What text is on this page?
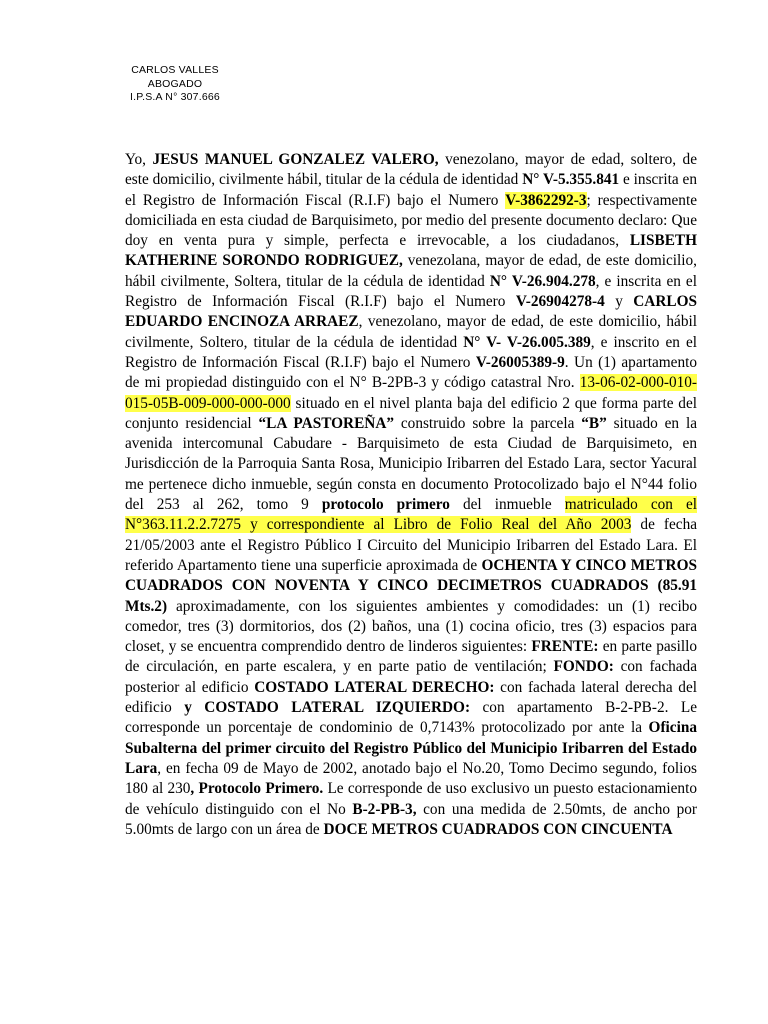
CARLOS VALLES
ABOGADO
I.P.S.A N° 307.666

Yo, JESUS MANUEL GONZALEZ VALERO, venezolano, mayor de edad, soltero, de este domicilio, civilmente hábil, titular de la cédula de identidad N° V-5.355.841 e inscrita en el Registro de Información Fiscal (R.I.F) bajo el Numero V-3862292-3; respectivamente domiciliada en esta ciudad de Barquisimeto, por medio del presente documento declaro: Que doy en venta pura y simple, perfecta e irrevocable, a los ciudadanos, LISBETH KATHERINE SORONDO RODRIGUEZ, venezolana, mayor de edad, de este domicilio, hábil civilmente, Soltera, titular de la cédula de identidad N° V-26.904.278, e inscrita en el Registro de Información Fiscal (R.I.F) bajo el Numero V-26904278-4 y CARLOS EDUARDO ENCINOZA ARRAEZ, venezolano, mayor de edad, de este domicilio, hábil civilmente, Soltero, titular de la cédula de identidad N° V- V-26.005.389, e inscrito en el Registro de Información Fiscal (R.I.F) bajo el Numero V-26005389-9. Un (1) apartamento de mi propiedad distinguido con el N° B-2PB-3 y código catastral Nro. 13-06-02-000-010-015-05B-009-000-000-000 situado en el nivel planta baja del edificio 2 que forma parte del conjunto residencial “LA PASTOREÑA” construido sobre la parcela “B” situado en la avenida intercomunal Cabudare - Barquisimeto de esta Ciudad de Barquisimeto, en Jurisdicción de la Parroquia Santa Rosa, Municipio Iribarren del Estado Lara, sector Yacural me pertenece dicho inmueble, según consta en documento Protocolizado bajo el N°44 folio del 253 al 262, tomo 9 protocolo primero del inmueble matriculado con el N°363.11.2.2.7275 y correspondiente al Libro de Folio Real del Año 2003 de fecha 21/05/2003 ante el Registro Público I Circuito del Municipio Iribarren del Estado Lara. El referido Apartamento tiene una superficie aproximada de OCHENTA Y CINCO METROS CUADRADOS CON NOVENTA Y CINCO DECIMETROS CUADRADOS (85.91 Mts.2) aproximadamente, con los siguientes ambientes y comodidades: un (1) recibo comedor, tres (3) dormitorios, dos (2) baños, una (1) cocina oficio, tres (3) espacios para closet, y se encuentra comprendido dentro de linderos siguientes: FRENTE: en parte pasillo de circulación, en parte escalera, y en parte patio de ventilación; FONDO: con fachada posterior al edificio COSTADO LATERAL DERECHO: con fachada lateral derecha del edificio y COSTADO LATERAL IZQUIERDO: con apartamento B-2-PB-2. Le corresponde un porcentaje de condominio de 0,7143% protocolizado por ante la Oficina Subalterna del primer circuito del Registro Público del Municipio Iribarren del Estado Lara, en fecha 09 de Mayo de 2002, anotado bajo el No.20, Tomo Decimo segundo, folios 180 al 230, Protocolo Primero. Le corresponde de uso exclusivo un puesto estacionamiento de vehículo distinguido con el No B-2-PB-3, con una medida de 2.50mts, de ancho por 5.00mts de largo con un área de DOCE METROS CUADRADOS CON CINCUENTA
